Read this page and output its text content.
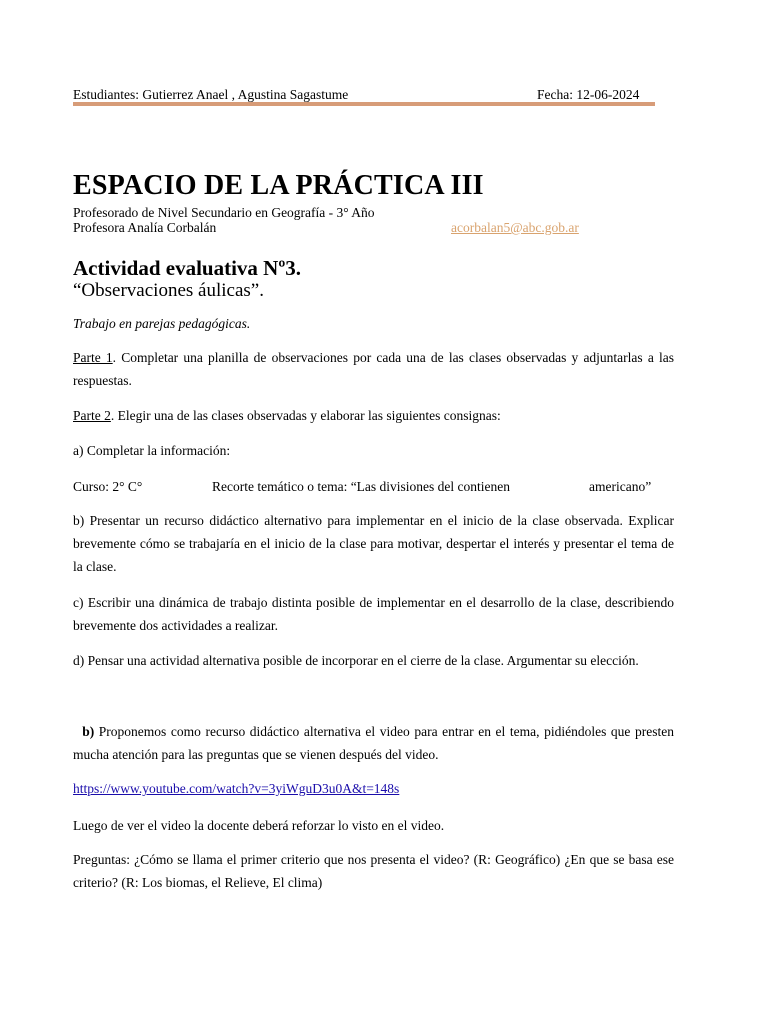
Estudiantes: Gutierrez Anael , Agustina Sagastume	Fecha: 12-06-2024
ESPACIO DE LA PRÁCTICA III
Profesorado de Nivel Secundario en Geografía - 3° Año
Profesora Analía Corbalán	acorbalan5@abc.gob.ar
Actividad evaluativa Nº3.
“Observaciones áulicas”.
Trabajo en parejas pedagógicas.
Parte 1. Completar una planilla de observaciones por cada una de las clases observadas y adjuntarlas a las respuestas.
Parte 2. Elegir una de las clases observadas y elaborar las siguientes consignas:
a) Completar la información:
Curso: 2° C°	Recorte temático o tema: “Las divisiones del contienen	americano”
b) Presentar un recurso didáctico alternativo para implementar en el inicio de la clase observada. Explicar brevemente cómo se trabajaría en el inicio de la clase para motivar, despertar el interés y presentar el tema de la clase.
c) Escribir una dinámica de trabajo distinta posible de implementar en el desarrollo de la clase, describiendo brevemente dos actividades a realizar.
d) Pensar una actividad alternativa posible de incorporar en el cierre de la clase. Argumentar su elección.
b) Proponemos como recurso didáctico alternativa el video para entrar en el tema, pidiéndoles que presten mucha atención para las preguntas que se vienen después del video.
https://www.youtube.com/watch?v=3yiWguD3u0A&t=148s
Luego de ver el video la docente deberá reforzar lo visto en el video.
Preguntas: ¿Cómo se llama el primer criterio que nos presenta el video? (R: Geográfico) ¿En que se basa ese criterio? (R: Los biomas, el Relieve, El clima)
